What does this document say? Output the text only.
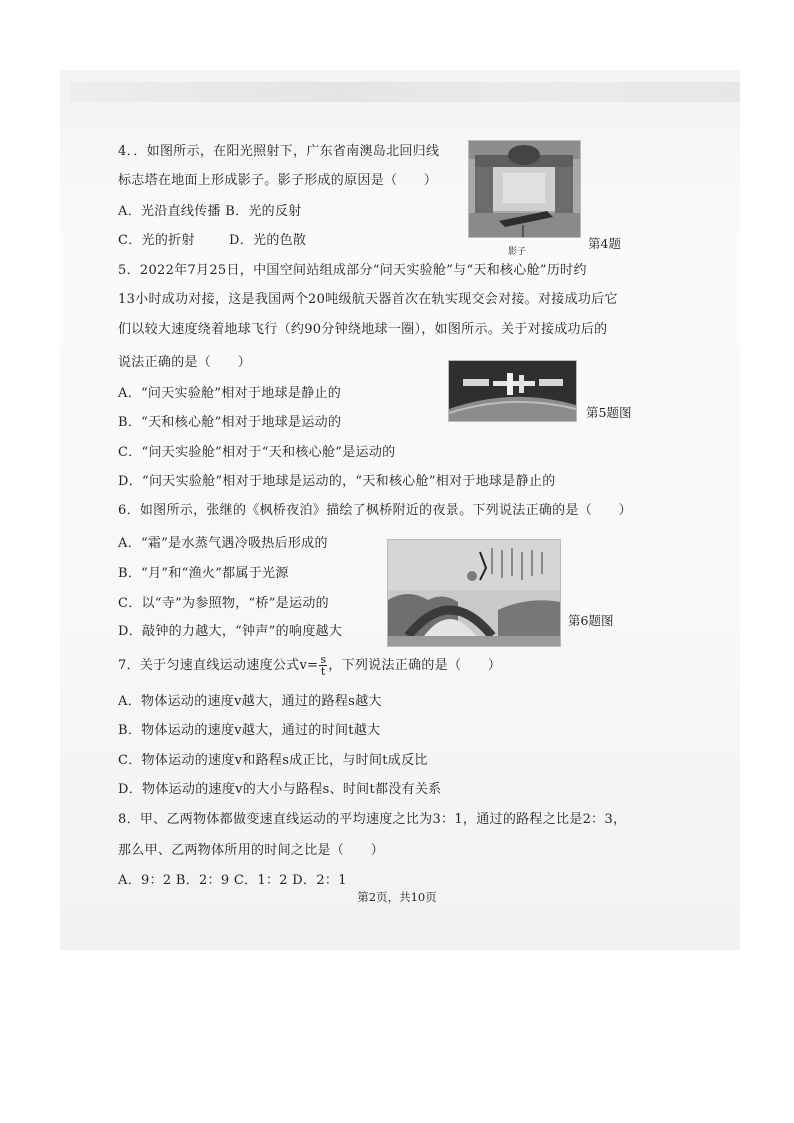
4．．如图所示，在阳光照射下，广东省南澳岛北回归线
标志塔在地面上形成影子。影子形成的原因是（　　）
A．光沿直线传播 B．光的反射
C．光的折射	D．光的色散
影子
第4题
5．2022年7月25日，中国空间站组成部分“问天实验舱”与“天和核心舱”历时约
13小时成功对接，这是我国两个20吨级航天器首次在轨实现交会对接。对接成功后它
们以较大速度绕着地球飞行（约90分钟绕地球一圈），如图所示。关于对接成功后的
说法正确的是（　　）
第5题图
A．“问天实验舱”相对于地球是静止的
B．“天和核心舱”相对于地球是运动的
C．“问天实验舱”相对于“天和核心舱”是运动的
D．“问天实验舱”相对于地球是运动的，“天和核心舱”相对于地球是静止的
6．如图所示，张继的《枫桥夜泊》描绘了枫桥附近的夜景。下列说法正确的是（　　）
第6题图
A．“霜”是水蒸气遇冷吸热后形成的
B．“月”和“渔火”都属于光源
C．以“寺”为参照物，“桥”是运动的
D．敲钟的力越大，“钟声”的响度越大
7．关于匀速直线运动速度公式$v= \frac{s}{t}$ ，下列说法正确的是（　　）
A．物体运动的速度v越大，通过的路程s越大
B．物体运动的速度v越大，通过的时间t越大
C．物体运动的速度v和路程s成正比，与时间t成反比
D．物体运动的速度v的大小与路程s、时间t都没有关系
8．甲、乙两物体都做变速直线运动的平均速度之比为3：1，通过的路程之比是2：3，
那么甲、乙两物体所用的时间之比是（　　）
A．9：2 B．2：9 C．1：2 D．2：1
第2页，共10页
